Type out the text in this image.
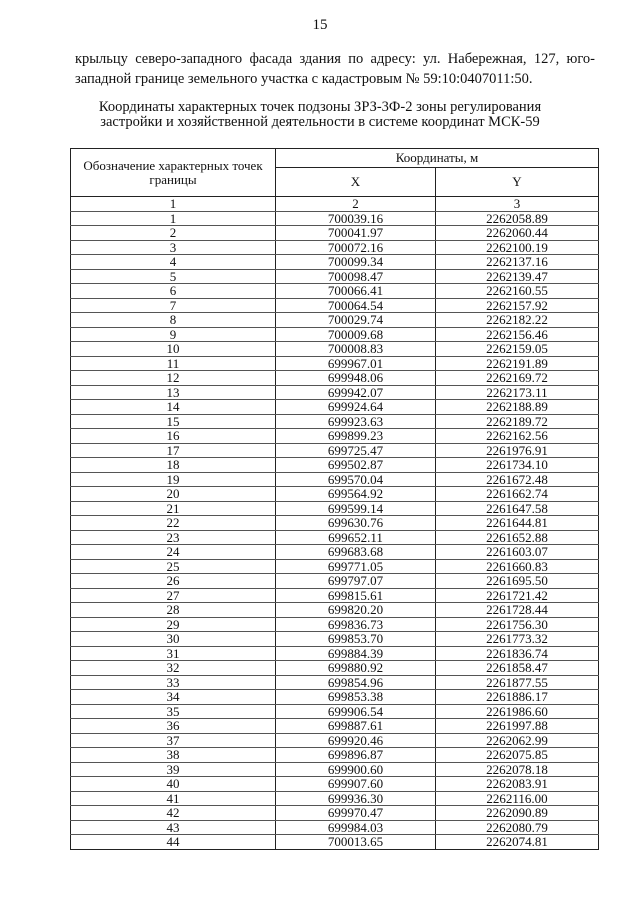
15
крыльцу северо-западного фасада здания по адресу: ул. Набережная, 127, юго-западной границе земельного участка с кадастровым № 59:10:0407011:50.
Координаты характерных точек подзоны ЗРЗ-3Ф-2 зоны регулирования
застройки и хозяйственной деятельности в системе координат МСК-59
Обозначение характерных точек границы	Координаты, м	
	X	Y
1	2	3
1	700039.16	2262058.89
2	700041.97	2262060.44
3	700072.16	2262100.19
4	700099.34	2262137.16
5	700098.47	2262139.47
6	700066.41	2262160.55
7	700064.54	2262157.92
8	700029.74	2262182.22
9	700009.68	2262156.46
10	700008.83	2262159.05
11	699967.01	2262191.89
12	699948.06	2262169.72
13	699942.07	2262173.11
14	699924.64	2262188.89
15	699923.63	2262189.72
16	699899.23	2262162.56
17	699725.47	2261976.91
18	699502.87	2261734.10
19	699570.04	2261672.48
20	699564.92	2261662.74
21	699599.14	2261647.58
22	699630.76	2261644.81
23	699652.11	2261652.88
24	699683.68	2261603.07
25	699771.05	2261660.83
26	699797.07	2261695.50
27	699815.61	2261721.42
28	699820.20	2261728.44
29	699836.73	2261756.30
30	699853.70	2261773.32
31	699884.39	2261836.74
32	699880.92	2261858.47
33	699854.96	2261877.55
34	699853.38	2261886.17
35	699906.54	2261986.60
36	699887.61	2261997.88
37	699920.46	2262062.99
38	699896.87	2262075.85
39	699900.60	2262078.18
40	699907.60	2262083.91
41	699936.30	2262116.00
42	699970.47	2262090.89
43	699984.03	2262080.79
44	700013.65	2262074.81
